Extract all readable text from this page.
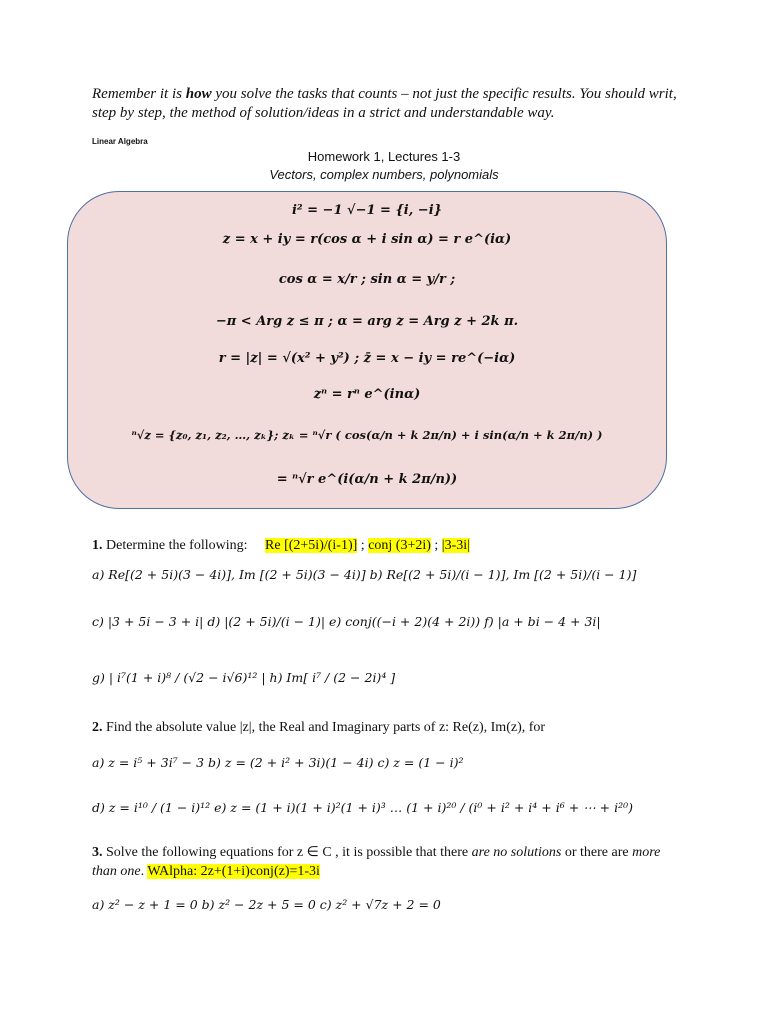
Remember it is how you solve the tasks that counts – not just the specific results. You should writ, step by step, the method of solution/ideas in a strict and understandable way.
Linear Algebra
Homework 1, Lectures 1-3
Vectors, complex numbers, polynomials
i² = −1 √−1 = {i, −i}
z = x + iy = r(cos α + i sin α) = r e^(iα)
cos α = x/r ; sin α = y/r ;
−π < Arg z ≤ π ; α = arg z = Arg z + 2k π.
r = |z| = √(x² + y²) ; z̄ = x − iy = re^(−iα)
zⁿ = rⁿ e^(inα)
ⁿ√z = {z₀, z₁, z₂, …, zₖ}; zₖ = ⁿ√r ( cos(α/n + k 2π/n) + i sin(α/n + k 2π/n) )
= ⁿ√r e^(i(α/n + k 2π/n))
1. Determine the following: Re [(2+5i)/(i-1)] ; conj (3+2i) ; |3-3i|
a) Re[(2 + 5i)(3 − 4i)], Im [(2 + 5i)(3 − 4i)] b) Re[(2 + 5i)/(i − 1)], Im [(2 + 5i)/(i − 1)]
c) |3 + 5i − 3 + i| d) |(2 + 5i)/(i − 1)| e) conj((−i + 2)(4 + 2i)) f) |a + bi − 4 + 3i|
g) | i⁷(1 + i)⁸ / (√2 − i√6)¹² | h) Im[ i⁷ / (2 − 2i)⁴ ]
2. Find the absolute value |z|, the Real and Imaginary parts of z: Re(z), Im(z), for
a) z = i⁵ + 3i⁷ − 3 b) z = (2 + i² + 3i)(1 − 4i) c) z = (1 − i)²
d) z = i¹⁰ / (1 − i)¹² e) z = (1 + i)(1 + i)²(1 + i)³ … (1 + i)²⁰ / (i⁰ + i² + i⁴ + i⁶ + ⋯ + i²⁰)
3. Solve the following equations for z ∈ C , it is possible that there are no solutions or there are more than one. WAlpha: 2z+(1+i)conj(z)=1-3i
a) z² − z + 1 = 0 b) z² − 2z + 5 = 0 c) z² + √7z + 2 = 0
